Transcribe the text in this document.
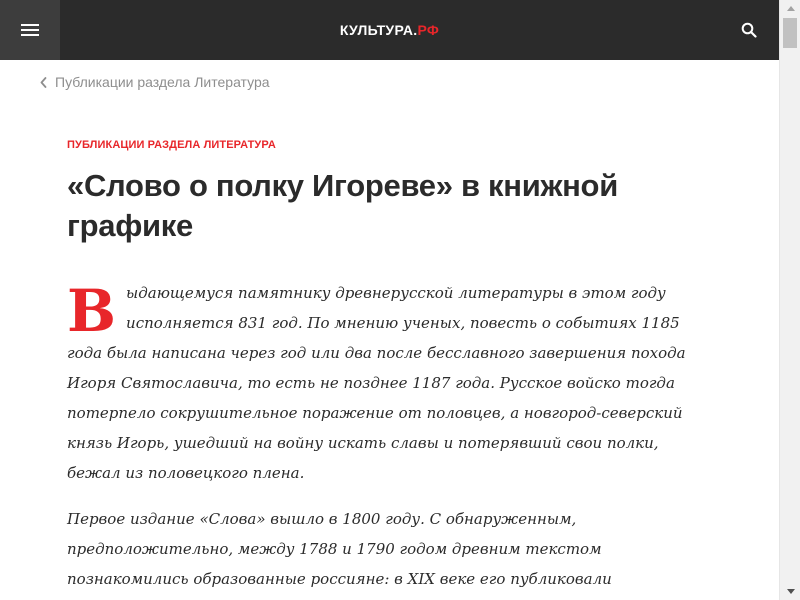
КУЛЬТУРА.РФ
Публикации раздела Литература
ПУБЛИКАЦИИ РАЗДЕЛА ЛИТЕРАТУРА
«Слово о полку Игореве» в книжной графике

Выдающемуся памятнику древнерусской литературы в этом году исполняется 831 год. По мнению ученых, повесть о событиях 1185 года была написана через год или два после бесславного завершения похода Игоря Святославича, то есть не позднее 1187 года. Русское войско тогда потерпело сокрушительное поражение от половцев, а новгород-северский князь Игорь, ушедший на войну искать славы и потерявший свои полки, бежал из половецкого плена.

Первое издание «Слова» вышло в 1800 году. С обнаруженным, предположительно, между 1788 и 1790 годом древним текстом познакомились образованные россияне: в XIX веке его публиковали
